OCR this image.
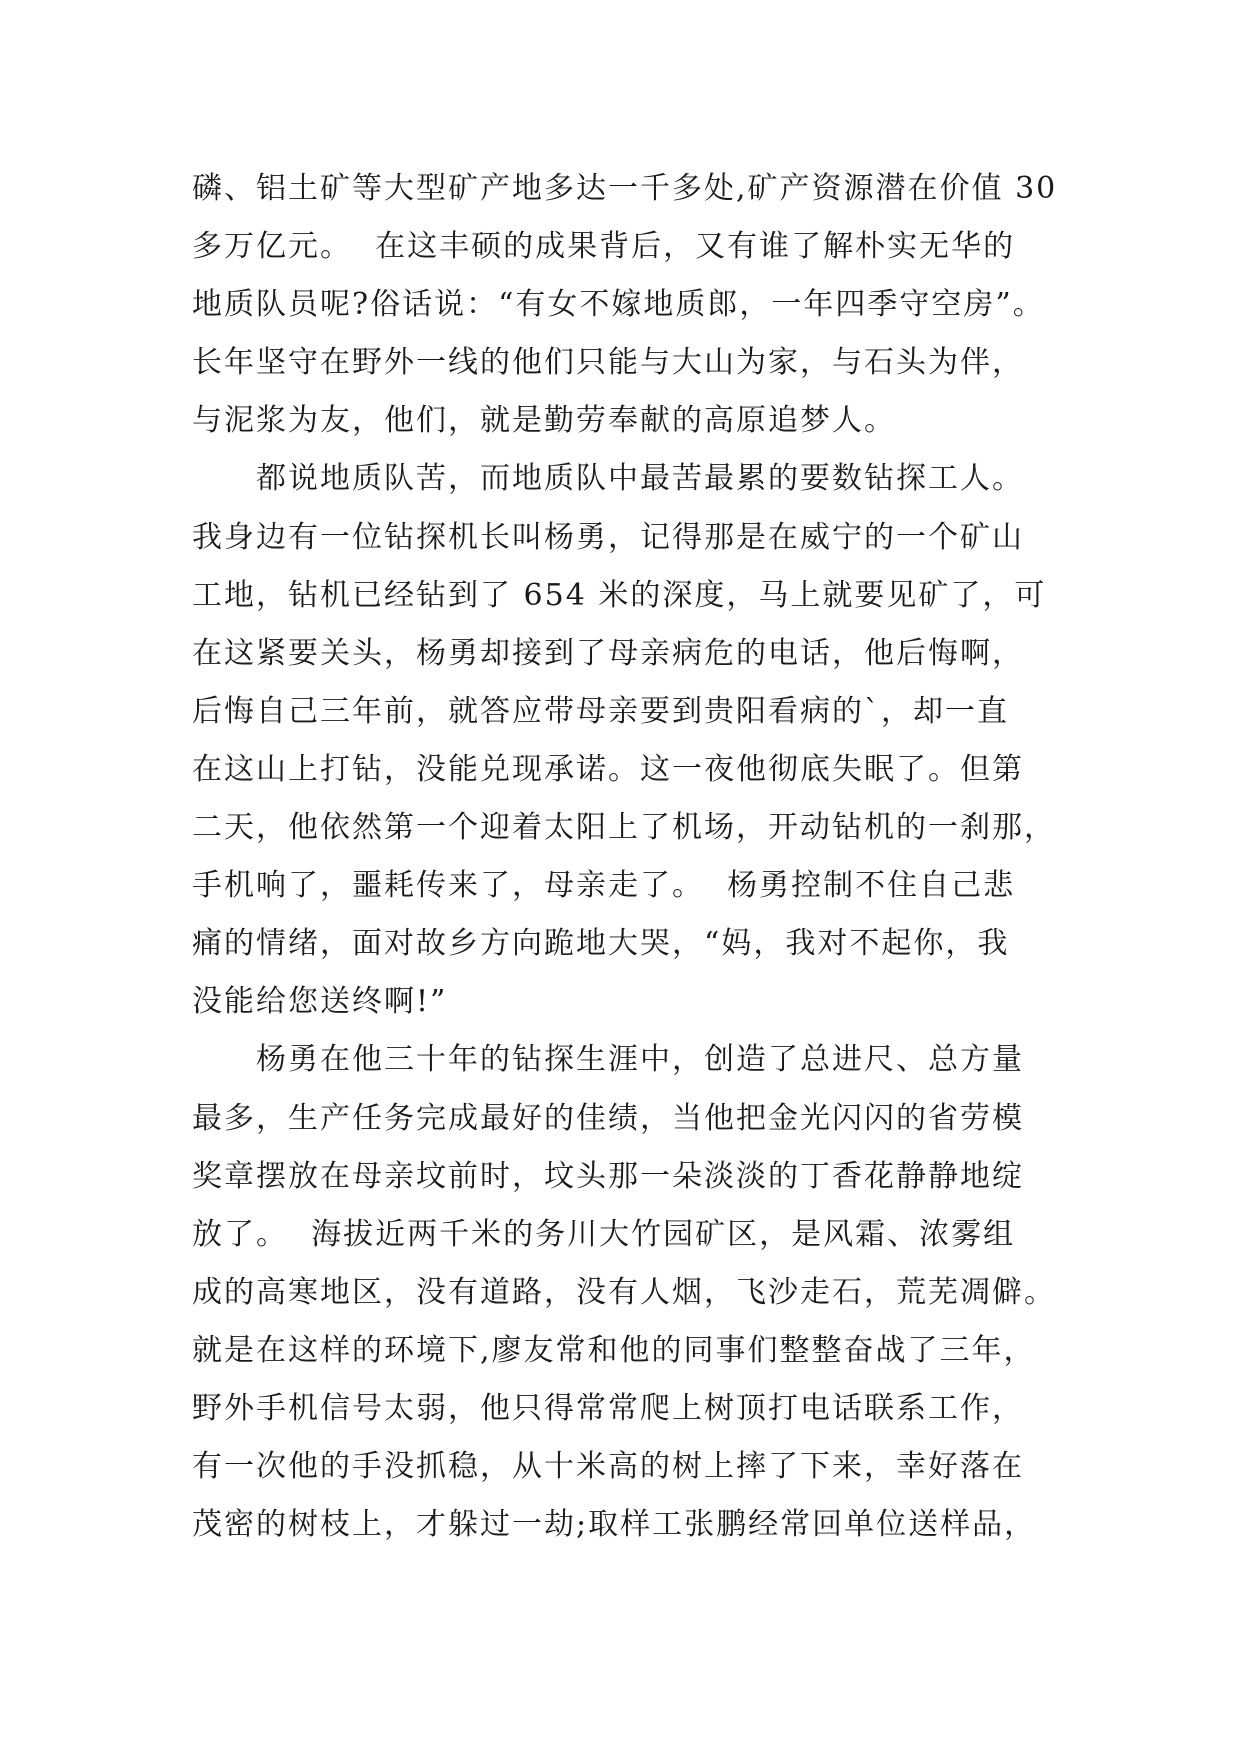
磷、铝土矿等大型矿产地多达一千多处,矿产资源潜在价值 30
多万亿元。  在这丰硕的成果背后，又有谁了解朴实无华的
地质队员呢?俗话说：“有女不嫁地质郎，一年四季守空房”。
长年坚守在野外一线的他们只能与大山为家，与石头为伴，
与泥浆为友，他们，就是勤劳奉献的高原追梦人。
都说地质队苦，而地质队中最苦最累的要数钻探工人。
我身边有一位钻探机长叫杨勇，记得那是在威宁的一个矿山
工地，钻机已经钻到了 654 米的深度，马上就要见矿了，可
在这紧要关头，杨勇却接到了母亲病危的电话，他后悔啊，
后悔自己三年前，就答应带母亲要到贵阳看病的`，却一直
在这山上打钻，没能兑现承诺。这一夜他彻底失眠了。但第
二天，他依然第一个迎着太阳上了机场，开动钻机的一刹那，
手机响了，噩耗传来了，母亲走了。  杨勇控制不住自己悲
痛的情绪，面对故乡方向跪地大哭，“妈，我对不起你，我
没能给您送终啊!”
杨勇在他三十年的钻探生涯中，创造了总进尺、总方量
最多，生产任务完成最好的佳绩，当他把金光闪闪的省劳模
奖章摆放在母亲坟前时，坟头那一朵淡淡的丁香花静静地绽
放了。  海拔近两千米的务川大竹园矿区，是风霜、浓雾组
成的高寒地区，没有道路，没有人烟，飞沙走石，荒芜凋僻。
就是在这样的环境下,廖友常和他的同事们整整奋战了三年，
野外手机信号太弱，他只得常常爬上树顶打电话联系工作，
有一次他的手没抓稳，从十米高的树上摔了下来，幸好落在
茂密的树枝上，才躲过一劫;取样工张鹏经常回单位送样品，
